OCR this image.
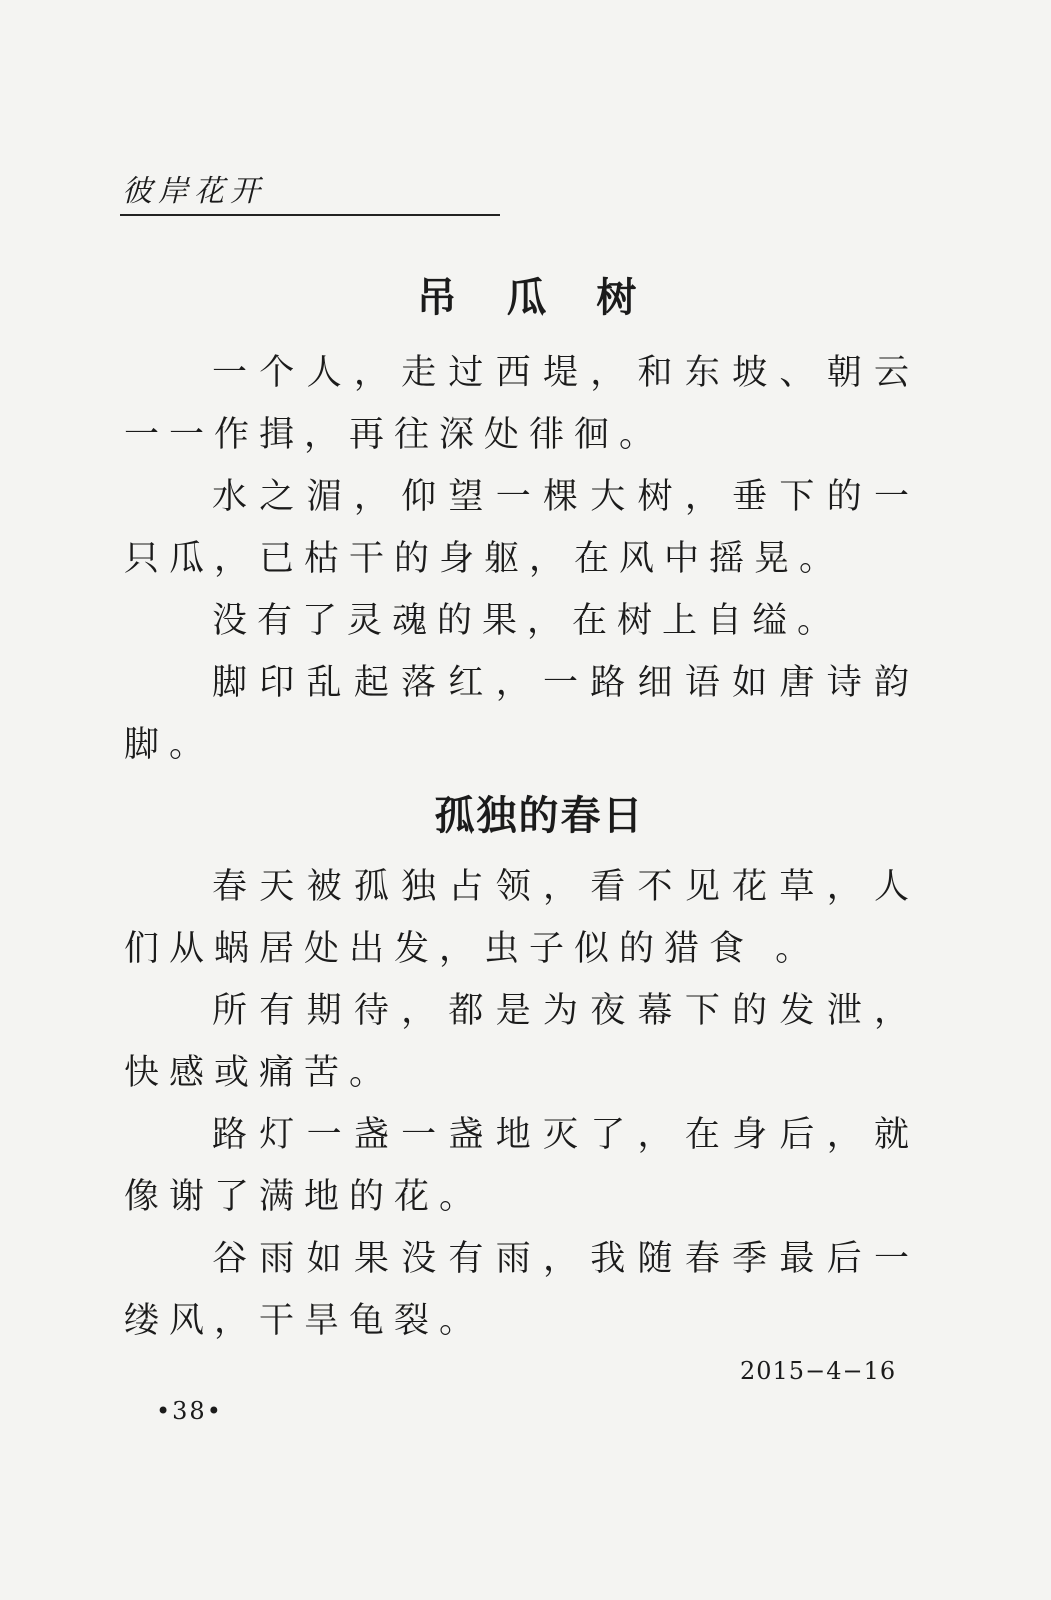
彼岸花开
吊 瓜 树

一个人，走过西堤，和东坡、朝云一一作揖，再往深处徘徊。

水之湄，仰望一棵大树，垂下的一只瓜，已枯干的身躯，在风中摇晃。

没有了灵魂的果，在树上自缢。

脚印乱起落红，一路细语如唐诗韵脚。

孤独的春日

春天被孤独占领，看不见花草，人们从蜗居处出发，虫子似的猎食 。

所有期待，都是为夜幕下的发泄， 快感或痛苦。

路灯一盏一盏地灭了，在身后，就像谢了满地的花。

谷雨如果没有雨，我随春季最后一缕风，干旱龟裂。

2015−4−16
•38•
